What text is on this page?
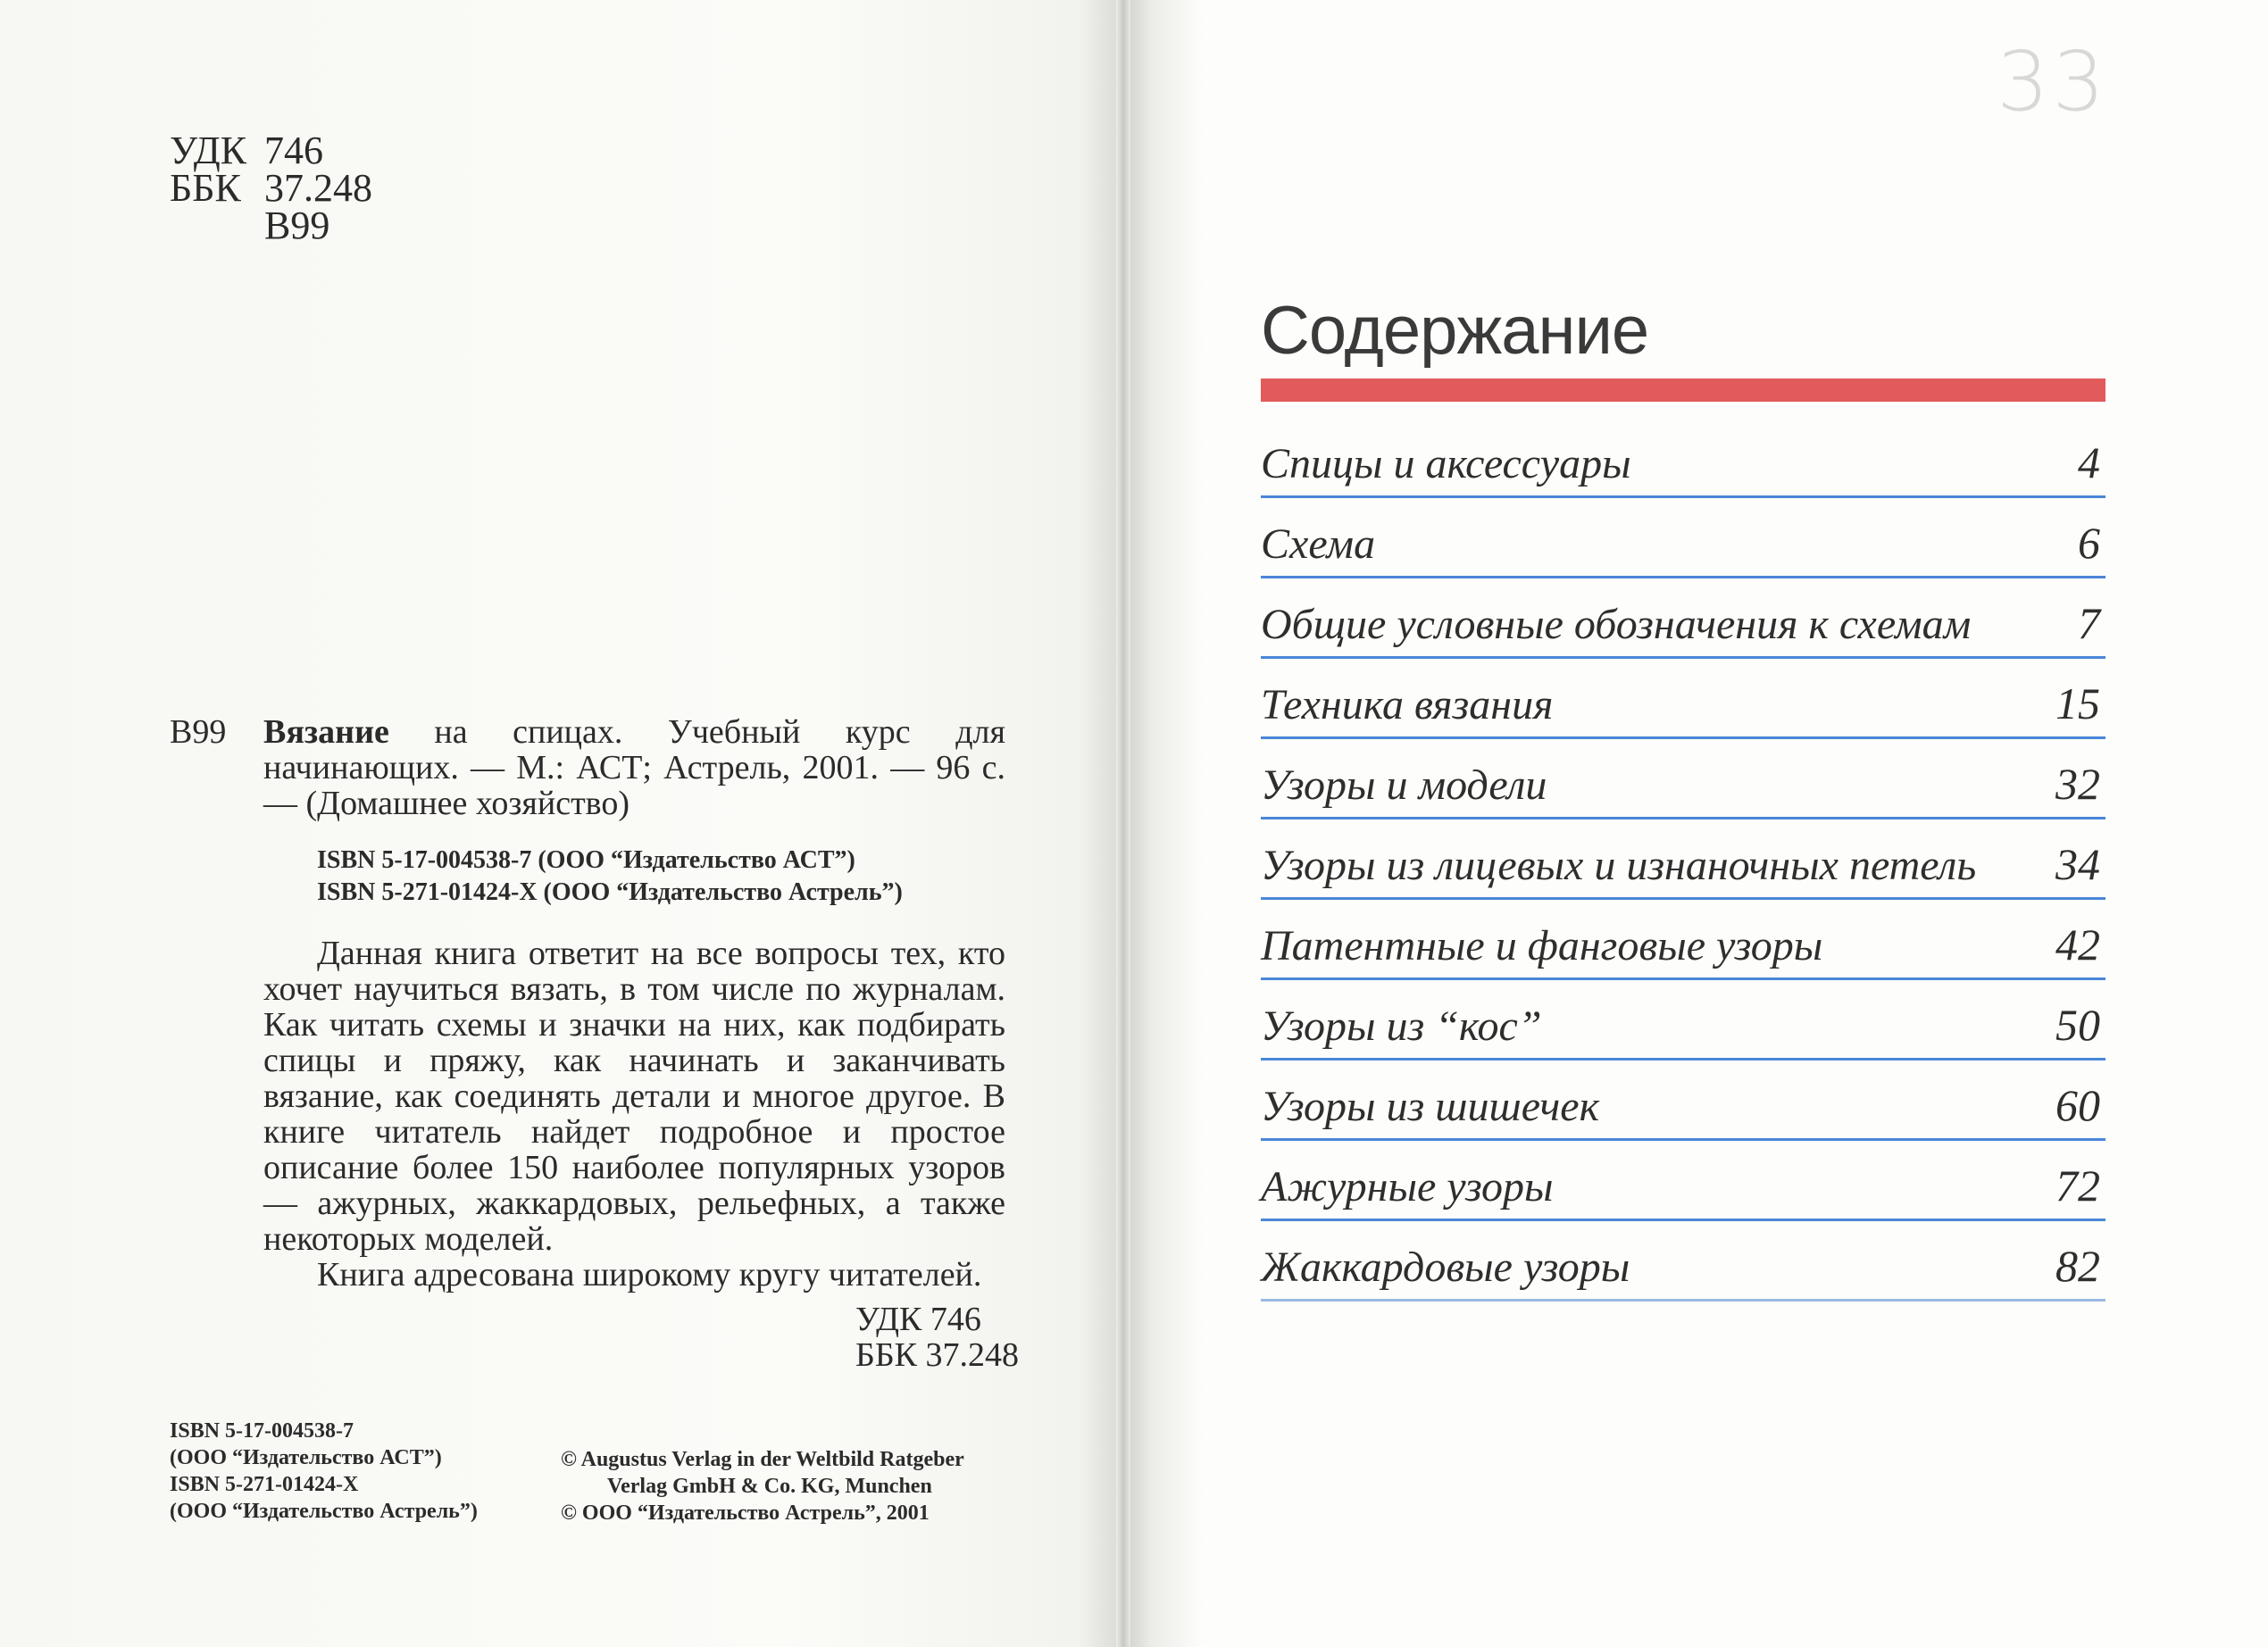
УДК 746
ББК 37.248
В99
В99 Вязание на спицах. Учебный курс для начинающих. — М.: АСТ; Астрель, 2001. — 96 с. — (Домашнее хозяйство)
ISBN 5-17-004538-7 (ООО “Издательство АСТ”)
ISBN 5-271-01424-X (ООО “Издательство Астрель”)

Данная книга ответит на все вопросы тех, кто хочет научиться вязать, в том числе по журналам. Как читать схемы и значки на них, как подбирать спицы и пряжу, как начинать и заканчивать вязание, как соединять детали и многое другое. В книге читатель найдет подробное и простое описание более 150 наиболее популярных узоров — ажурных, жаккардовых, рельефных, а также некоторых моделей.

Книга адресована широкому кругу читателей.

УДК 746
ББК 37.248
ISBN 5-17-004538-7
(ООО “Издательство АСТ”)
ISBN 5-271-01424-X
(ООО “Издательство Астрель”)
© Augustus Verlag in der Weltbild Ratgeber
Verlag GmbH & Co. KG, Munchen
© ООО “Издательство Астрель”, 2001
33
Содержание
Спицы и аксессуары	4
Схема	6
Общие условные обозначения к схемам 7
Техника вязания	15
Узоры и модели	32
Узоры из лицевых и изнаночных петель 34
Патентные и фанговые узоры	42
Узоры из “кос”	50
Узоры из шишечек	60
Ажурные узоры	72
Жаккардовые узоры	82
